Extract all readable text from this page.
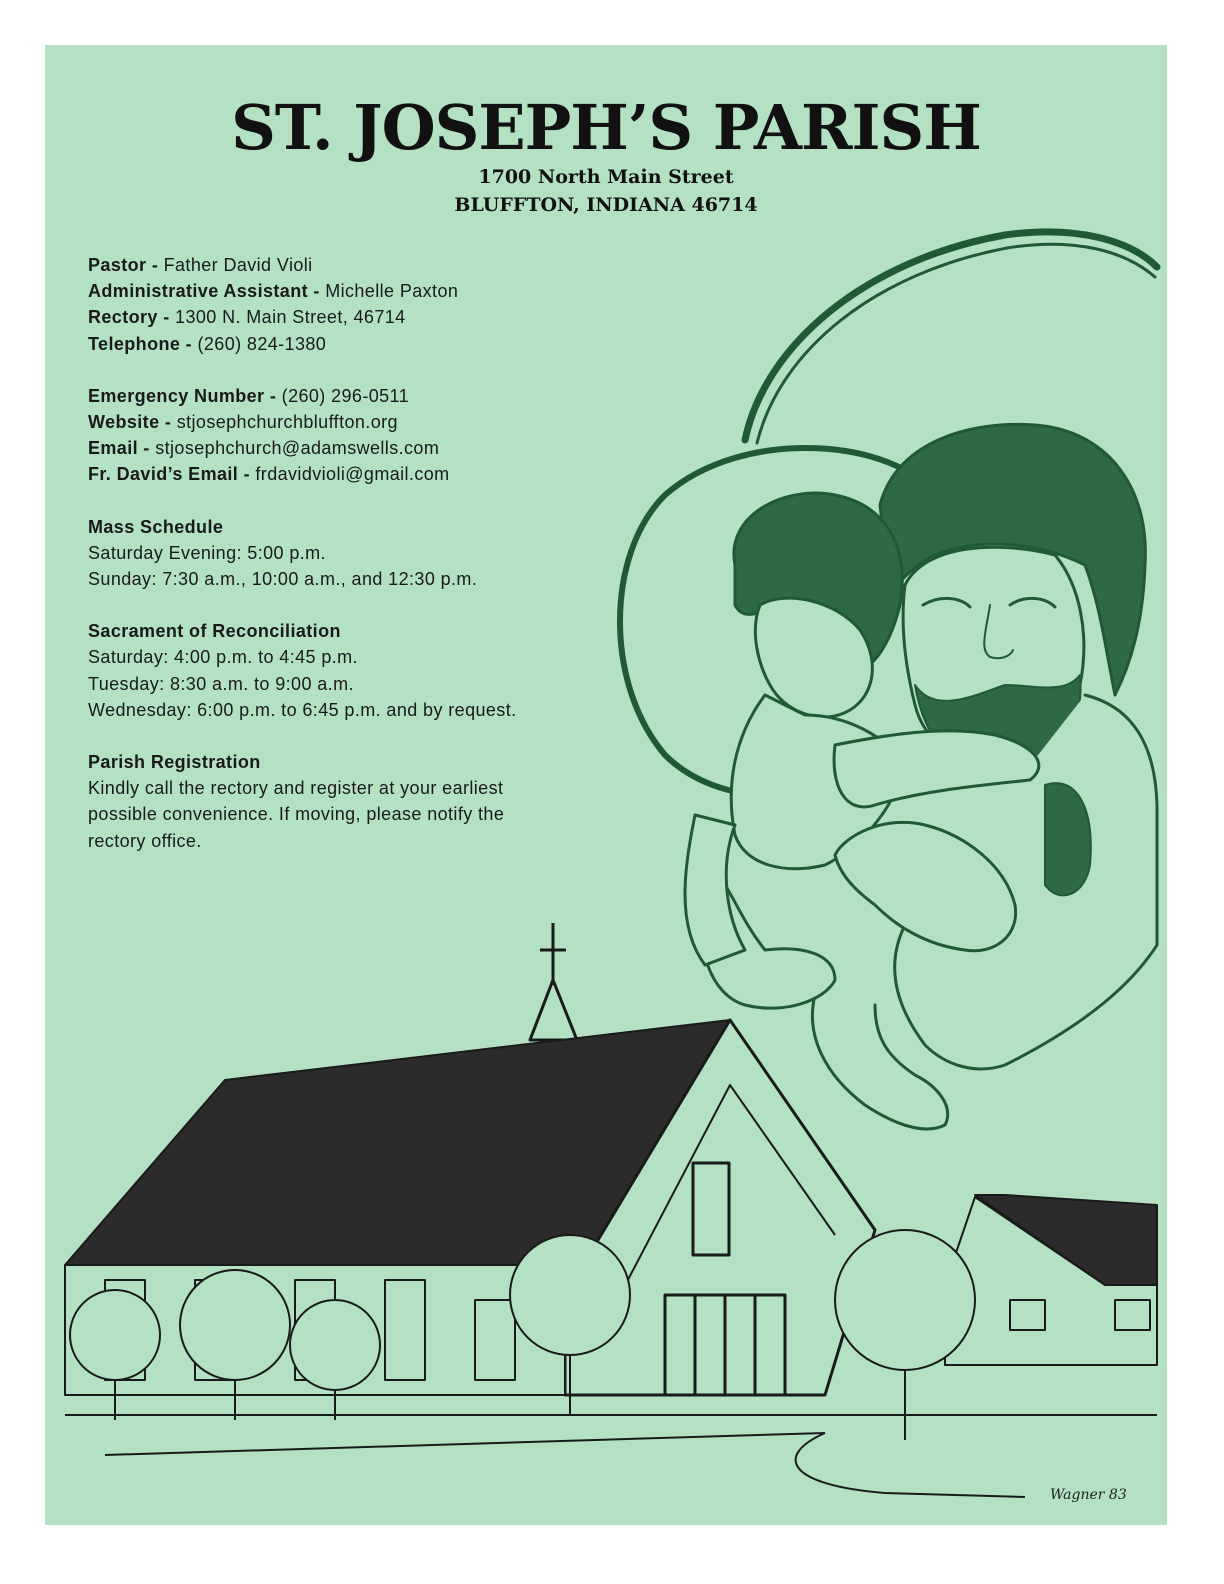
ST. JOSEPH’S PARISH
1700 North Main Street
BLUFFTON, INDIANA 46714
Pastor - Father David Violi
Administrative Assistant - Michelle Paxton
Rectory - 1300 N. Main Street, 46714
Telephone - (260) 824-1380
Emergency Number - (260) 296-0511
Website - stjosephchurchbluffton.org
Email - stjosephchurch@adamswells.com
Fr. David’s Email - frdavidvioli@gmail.com
Mass Schedule
Saturday Evening: 5:00 p.m.
Sunday: 7:30 a.m., 10:00 a.m., and 12:30 p.m.
Sacrament of Reconciliation
Saturday: 4:00 p.m. to 4:45 p.m.
Tuesday: 8:30 a.m. to 9:00 a.m.
Wednesday: 6:00 p.m. to 6:45 p.m. and by request.
Parish Registration
Kindly call the rectory and register at your earliest
possible convenience. If moving, please notify the
rectory office.
Wagner 83
